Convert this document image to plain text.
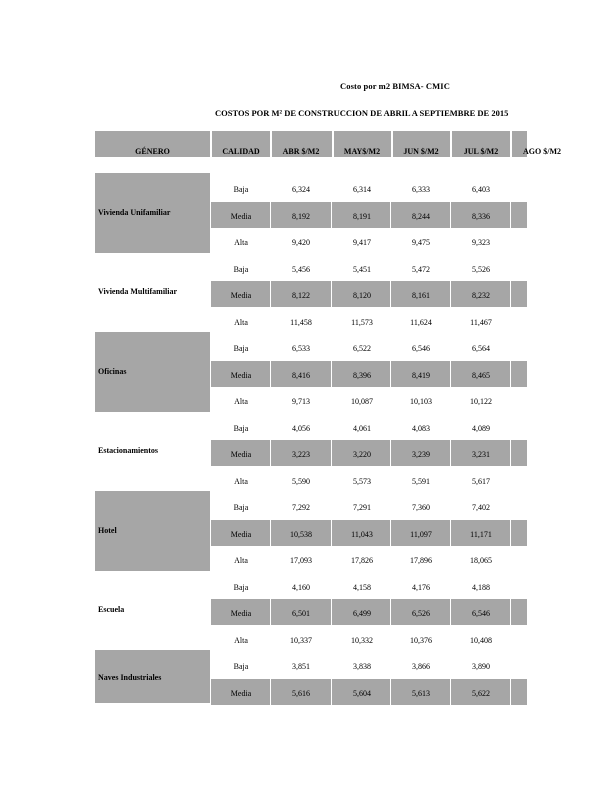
Costo por m2 BIMSA- CMIC
COSTOS POR M² DE CONSTRUCCION DE ABRIL A SEPTIEMBRE DE 2015
GÉNERO	CALIDAD	ABR $/M2	MAY$/M2	JUN $/M2	JUL $/M2	AGO $/M2
Vivienda Unifamiliar
Baja	6,324	6,314	6,333	6,403
Media	8,192	8,191	8,244	8,336
Alta	9,420	9,417	9,475	9,323
Vivienda Multifamiliar
Baja	5,456	5,451	5,472	5,526
Media	8,122	8,120	8,161	8,232
Alta	11,458	11,573	11,624	11,467
Oficinas
Baja	6,533	6,522	6,546	6,564
Media	8,416	8,396	8,419	8,465
Alta	9,713	10,087	10,103	10,122
Estacionamientos
Baja	4,056	4,061	4,083	4,089
Media	3,223	3,220	3,239	3,231
Alta	5,590	5,573	5,591	5,617
Hotel
Baja	7,292	7,291	7,360	7,402
Media	10,538	11,043	11,097	11,171
Alta	17,093	17,826	17,896	18,065
Escuela
Baja	4,160	4,158	4,176	4,188
Media	6,501	6,499	6,526	6,546
Alta	10,337	10,332	10,376	10,408
Naves Industriales
Baja	3,851	3,838	3,866	3,890
Media	5,616	5,604	5,613	5,622
